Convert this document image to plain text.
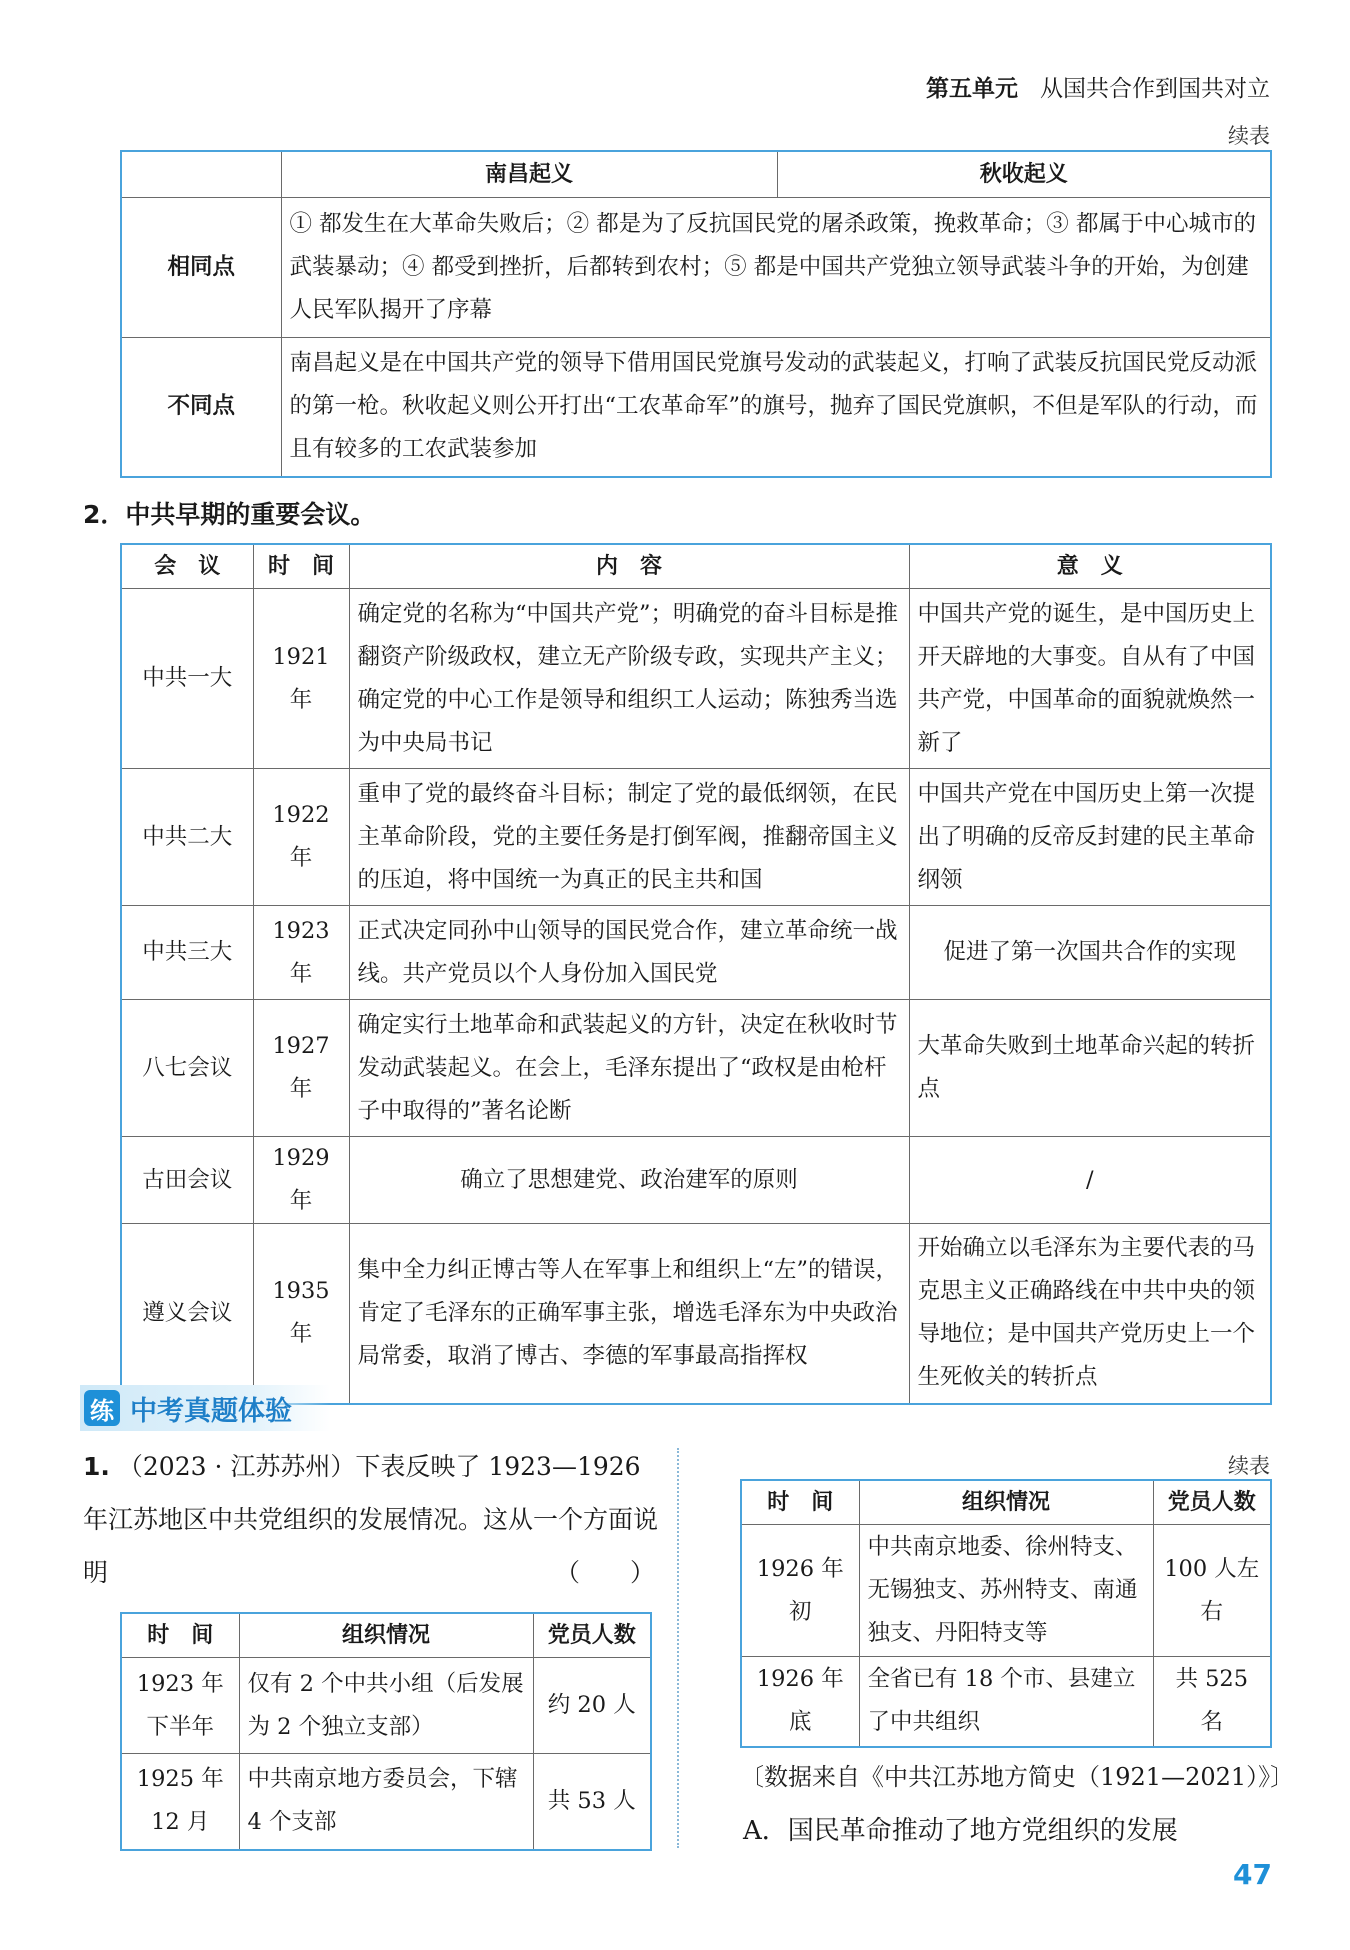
第五单元 从国共合作到国共对立
续表
	南昌起义	秋收起义
相同点	① 都发生在大革命失败后；② 都是为了反抗国民党的屠杀政策，挽救革命；③ 都属于中心城市的武装暴动；④ 都受到挫折，后都转到农村；⑤ 都是中国共产党独立领导武装斗争的开始，为创建人民军队揭开了序幕	
不同点	南昌起义是在中国共产党的领导下借用国民党旗号发动的武装起义，打响了武装反抗国民党反动派的第一枪。秋收起义则公开打出“工农革命军”的旗号，抛弃了国民党旗帜，不但是军队的行动，而且有较多的工农武装参加	
2．中共早期的重要会议。
会　议	时　间	内　容	意　义
中共一大	1921 年	确定党的名称为“中国共产党”；明确党的奋斗目标是推翻资产阶级政权，建立无产阶级专政，实现共产主义；确定党的中心工作是领导和组织工人运动；陈独秀当选为中央局书记	中国共产党的诞生，是中国历史上开天辟地的大事变。自从有了中国共产党，中国革命的面貌就焕然一新了
中共二大	1922 年	重申了党的最终奋斗目标；制定了党的最低纲领，在民主革命阶段，党的主要任务是打倒军阀，推翻帝国主义的压迫，将中国统一为真正的民主共和国	中国共产党在中国历史上第一次提出了明确的反帝反封建的民主革命纲领
中共三大	1923 年	正式决定同孙中山领导的国民党合作，建立革命统一战线。共产党员以个人身份加入国民党	促进了第一次国共合作的实现
八七会议	1927 年	确定实行土地革命和武装起义的方针，决定在秋收时节发动武装起义。在会上，毛泽东提出了“政权是由枪杆子中取得的”著名论断	大革命失败到土地革命兴起的转折点
古田会议	1929 年	确立了思想建党、政治建军的原则	/
遵义会议	1935 年	集中全力纠正博古等人在军事上和组织上“左”的错误，肯定了毛泽东的正确军事主张，增选毛泽东为中央政治局常委，取消了博古、李德的军事最高指挥权	开始确立以毛泽东为主要代表的马克思主义正确路线在中共中央的领导地位；是中国共产党历史上一个生死攸关的转折点
练 中考真题体验
1. （2023 · 江苏苏州）下表反映了 1923—1926 年江苏地区中共党组织的发展情况。这从一个方面说明	（　　）
时　间	组织情况	党员人数
1923 年下半年	仅有 2 个中共小组（后发展为 2 个独立支部）	约 20 人
1925 年 12 月	中共南京地方委员会，下辖 4 个支部	共 53 人
续表
时　间	组织情况	党员人数
1926 年初	中共南京地委、徐州特支、无锡独支、苏州特支、南通独支、丹阳特支等	100 人左右
1926 年底	全省已有 18 个市、县建立了中共组织	共 525 名
〔数据来自《中共江苏地方简史（1921—2021）》〕
A．国民革命推动了地方党组织的发展
47
